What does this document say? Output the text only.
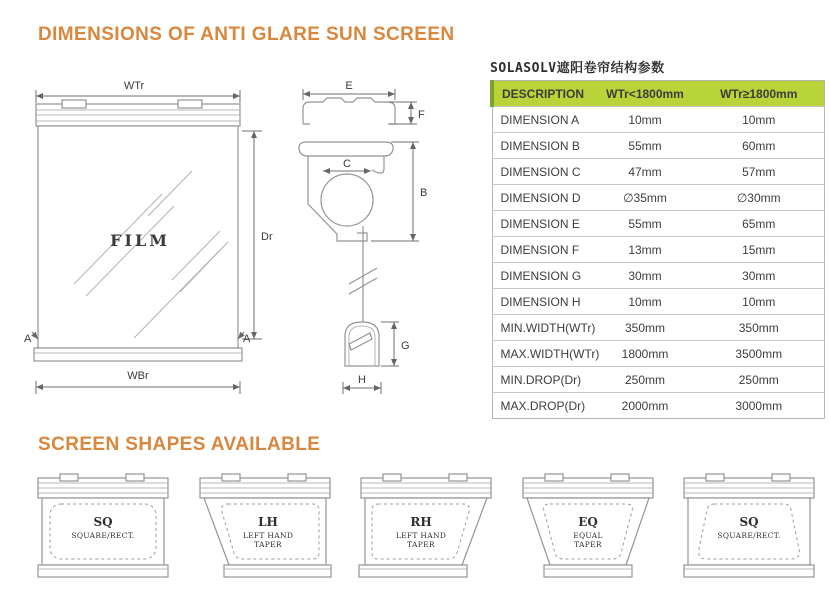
DIMENSIONS OF ANTI GLARE SUN SCREEN
WTr
FILM	Dr
A	A
WBr
E
F
C
B
G
H

SOLASOLV遮阳卷帘结构参数

DESCRIPTION	WTr<1800mm	WTr≥1800mm
DIMENSION A	10mm	10mm
DIMENSION B	55mm	60mm
DIMENSION C	47mm	57mm
DIMENSION D	∅35mm	∅30mm
DIMENSION E	55mm	65mm
DIMENSION F	13mm	15mm
DIMENSION G	30mm	30mm
DIMENSION H	10mm	10mm
MIN.WIDTH(WTr)	350mm	350mm
MAX.WIDTH(WTr)	1800mm	3500mm
MIN.DROP(Dr)	250mm	250mm
MAX.DROP(Dr)	2000mm	3000mm
SCREEN SHAPES AVAILABLE
SQ
SQUARE/RECT.
LH
LEFT HAND
TAPER
RH
LEFT HAND
TAPER
EQ
EQUAL
TAPER
SQ
SQUARE/RECT.
